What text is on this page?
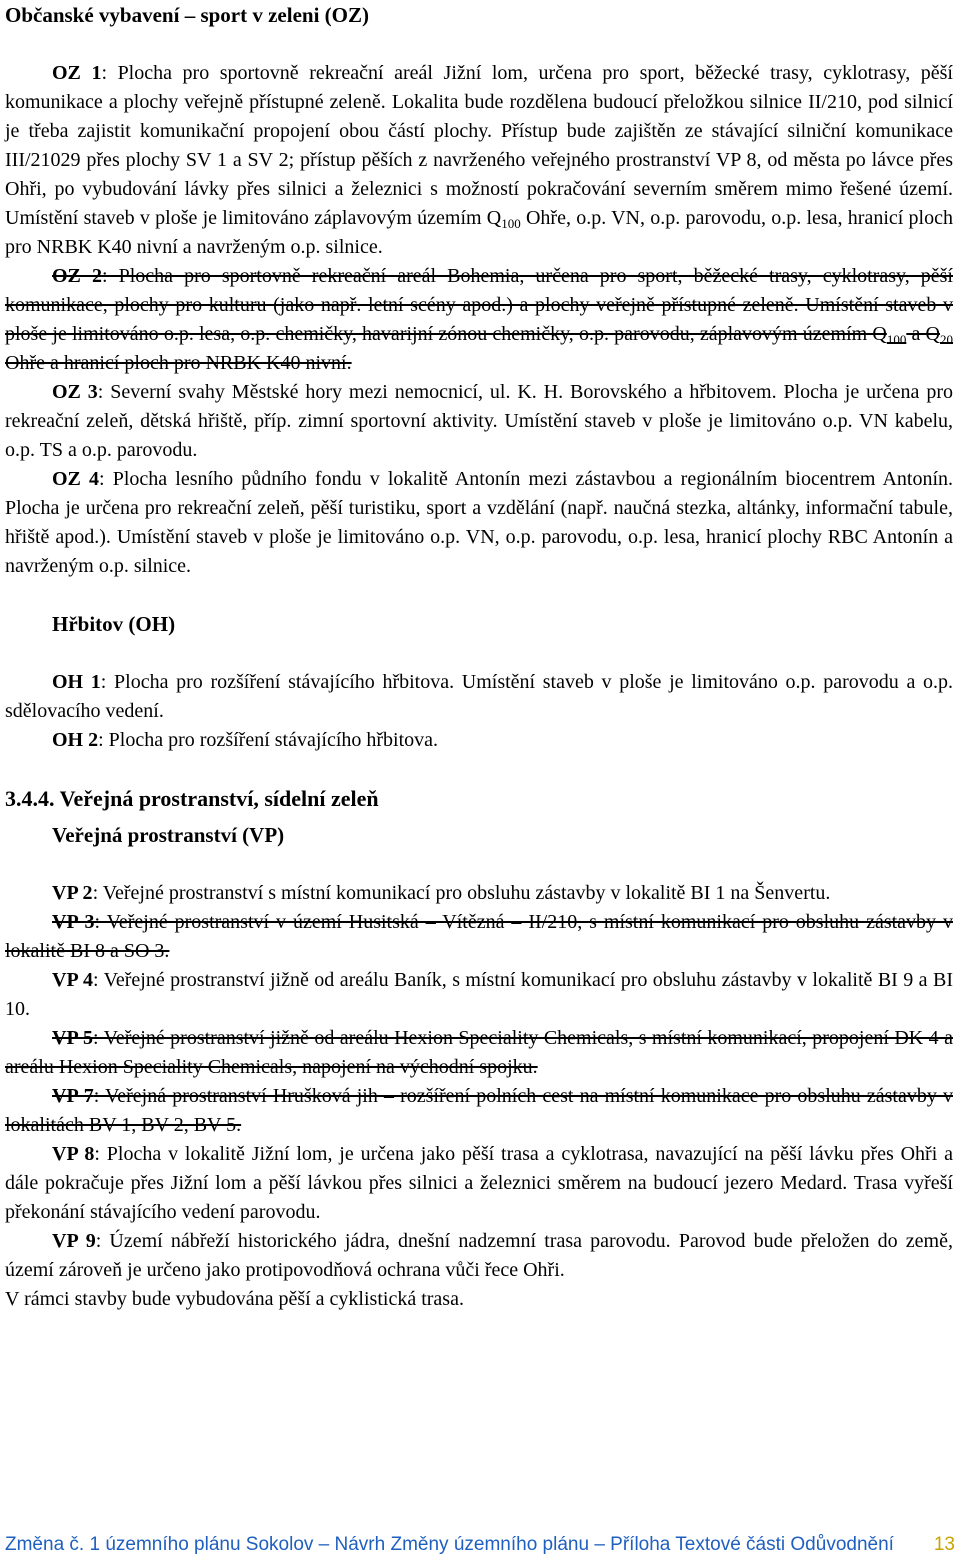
Občanské vybavení – sport v zeleni (OZ)

OZ 1: Plocha pro sportovně rekreační areál Jižní lom, určena pro sport, běžecké trasy, cyklotrasy, pěší komunikace a plochy veřejně přístupné zeleně. Lokalita bude rozdělena budoucí přeložkou silnice II/210, pod silnicí je třeba zajistit komunikační propojení obou částí plochy. Přístup bude zajištěn ze stávající silniční komunikace III/21029 přes plochy SV 1 a SV 2; přístup pěších z navrženého veřejného prostranství VP 8, od města po lávce přes Ohři, po vybudování lávky přes silnici a železnici s možností pokračování severním směrem mimo řešené území. Umístění staveb v ploše je limitováno záplavovým územím $Q_{100}$ Ohře, o.p. VN, o.p. parovodu, o.p. lesa, hranicí ploch pro NRBK K40 nivní a navrženým o.p. silnice.

OZ 2: Plocha pro sportovně rekreační areál Bohemia, určena pro sport, běžecké trasy, cyklotrasy, pěší komunikace, plochy pro kulturu (jako např. letní scény apod.) a plochy veřejně přístupné zeleně. Umístění staveb v ploše je limitováno o.p. lesa, o.p. chemičky, havarijní zónou chemičky, o.p. parovodu, záplavovým územím $Q_{100}$ a $Q_{20}$ Ohře a hranicí ploch pro NRBK K40 nivní.

OZ 3: Severní svahy Městské hory mezi nemocnicí, ul. K. H. Borovského a hřbitovem. Plocha je určena pro rekreační zeleň, dětská hřiště, příp. zimní sportovní aktivity. Umístění staveb v ploše je limitováno o.p. VN kabelu, o.p. TS a o.p. parovodu.

OZ 4: Plocha lesního půdního fondu v lokalitě Antonín mezi zástavbou a regionálním biocentrem Antonín. Plocha je určena pro rekreační zeleň, pěší turistiku, sport a vzdělání (např. naučná stezka, altánky, informační tabule, hřiště apod.). Umístění staveb v ploše je limitováno o.p. VN, o.p. parovodu, o.p. lesa, hranicí plochy RBC Antonín a navrženým o.p. silnice.

Hřbitov (OH)

OH 1: Plocha pro rozšíření stávajícího hřbitova. Umístění staveb v ploše je limitováno o.p. parovodu a o.p. sdělovacího vedení.

OH 2: Plocha pro rozšíření stávajícího hřbitova.

3.4.4. Veřejná prostranství, sídelní zeleň

Veřejná prostranství (VP)

VP 2: Veřejné prostranství s místní komunikací pro obsluhu zástavby v lokalitě BI 1 na Šenvertu.

VP 3: Veřejné prostranství v území Husitská – Vítězná – II/210, s místní komunikací pro obsluhu zástavby v lokalitě BI 8 a SO 3.

VP 4: Veřejné prostranství jižně od areálu Baník, s místní komunikací pro obsluhu zástavby v lokalitě BI 9 a BI 10.

VP 5: Veřejné prostranství jižně od areálu Hexion Speciality Chemicals, s místní komunikací, propojení DK 4 a areálu Hexion Speciality Chemicals, napojení na východní spojku.

VP 7: Veřejná prostranství Hrušková jih – rozšíření polních cest na místní komunikace pro obsluhu zástavby v lokalitách BV 1, BV 2, BV 5.

VP 8: Plocha v lokalitě Jižní lom, je určena jako pěší trasa a cyklotrasa, navazující na pěší lávku přes Ohři a dále pokračuje přes Jižní lom a pěší lávkou přes silnici a železnici směrem na budoucí jezero Medard. Trasa vyřeší překonání stávajícího vedení parovodu.

VP 9: Území nábřeží historického jádra, dnešní nadzemní trasa parovodu. Parovod bude přeložen do země, území zároveň je určeno jako protipovodňová ochrana vůči řece Ohři.

V rámci stavby bude vybudována pěší a cyklistická trasa.

Změna č. 1 územního plánu Sokolov – Návrh Změny územního plánu – Příloha Textové části Odůvodnění 13
